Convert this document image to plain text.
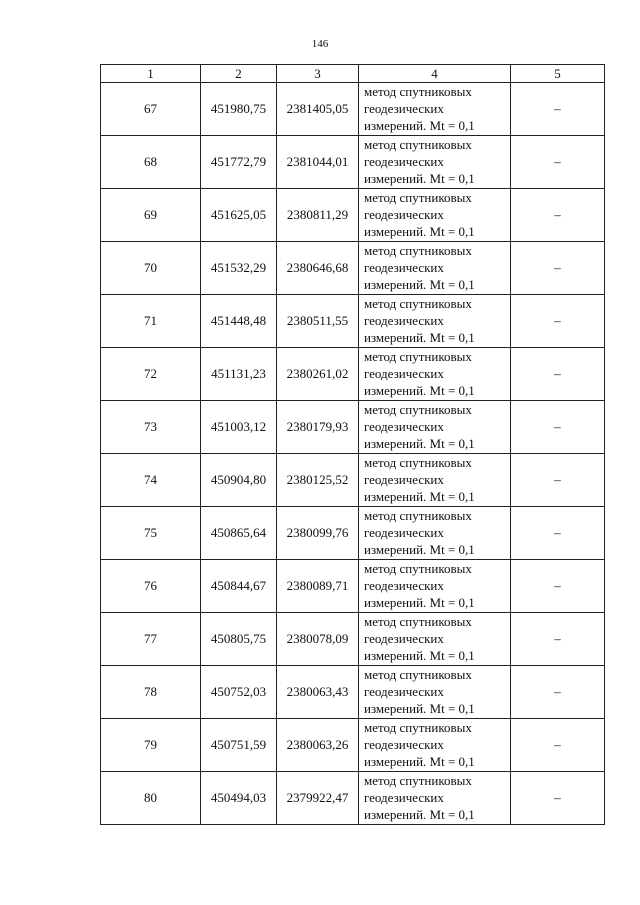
146
1	2	3	4	5
67	451980,75	2381405,05	метод спутниковых
геодезических
измерений. Mt = 0,1	–
68	451772,79	2381044,01	метод спутниковых
геодезических
измерений. Mt = 0,1	–
69	451625,05	2380811,29	метод спутниковых
геодезических
измерений. Mt = 0,1	–
70	451532,29	2380646,68	метод спутниковых
геодезических
измерений. Mt = 0,1	–
71	451448,48	2380511,55	метод спутниковых
геодезических
измерений. Mt = 0,1	–
72	451131,23	2380261,02	метод спутниковых
геодезических
измерений. Mt = 0,1	–
73	451003,12	2380179,93	метод спутниковых
геодезических
измерений. Mt = 0,1	–
74	450904,80	2380125,52	метод спутниковых
геодезических
измерений. Mt = 0,1	–
75	450865,64	2380099,76	метод спутниковых
геодезических
измерений. Mt = 0,1	–
76	450844,67	2380089,71	метод спутниковых
геодезических
измерений. Mt = 0,1	–
77	450805,75	2380078,09	метод спутниковых
геодезических
измерений. Mt = 0,1	–
78	450752,03	2380063,43	метод спутниковых
геодезических
измерений. Mt = 0,1	–
79	450751,59	2380063,26	метод спутниковых
геодезических
измерений. Mt = 0,1	–
80	450494,03	2379922,47	метод спутниковых
геодезических
измерений. Mt = 0,1	–
